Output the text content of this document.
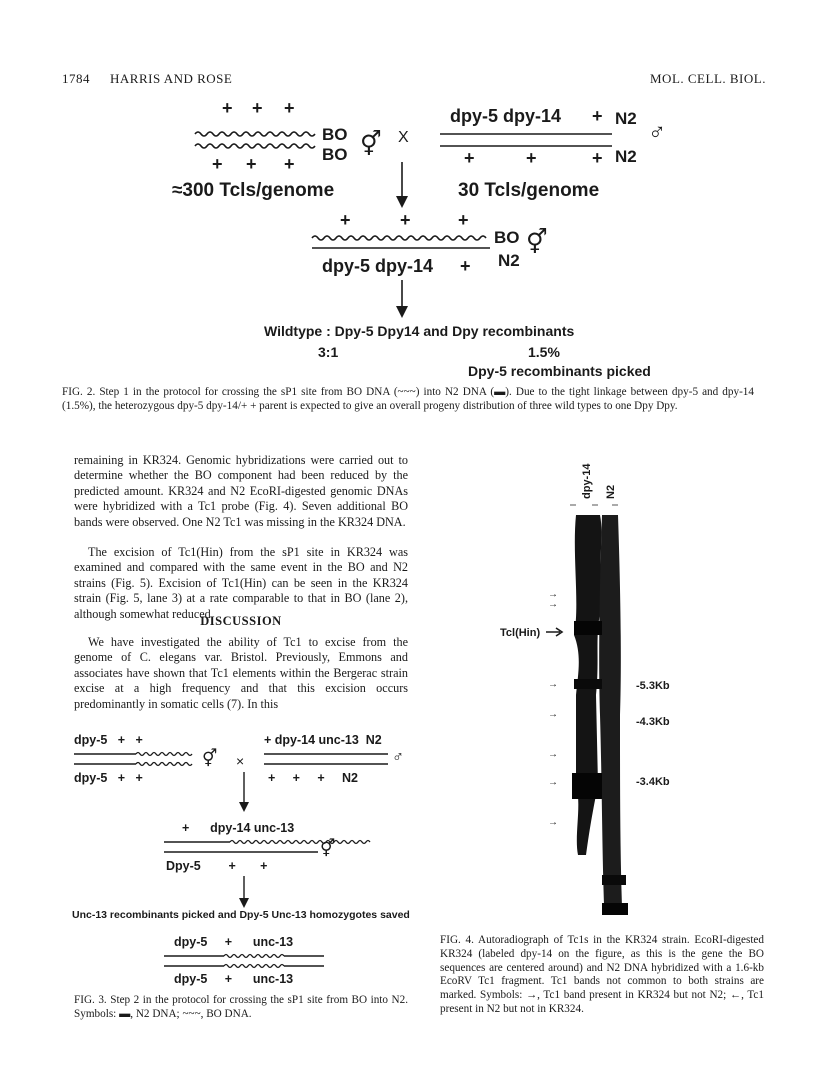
1784 HARRIS AND ROSE	MOL. CELL. BIOL.
+ + +
BO
BO
+ + +
⚥ X
dpy-5 dpy-14 + N2
N2
+	+	+
♂
≈300 Tcls/genome	30 Tcls/genome
+	+	+
BO ⚥
dpy-5 dpy-14 + N2
Wildtype : Dpy-5 Dpy14 and Dpy recombinants
3:1	1.5%
Dpy-5 recombinants picked
FIG. 2. Step 1 in the protocol for crossing the sP1 site from BO DNA (~~~) into N2 DNA (▬). Due to the tight linkage between dpy-5 and dpy-14 (1.5%), the heterozygous dpy-5 dpy-14/+ + parent is expected to give an overall progeny distribution of three wild types to one Dpy Dpy.
remaining in KR324. Genomic hybridizations were carried out to determine whether the BO component had been reduced by the predicted amount. KR324 and N2 EcoRI-digested genomic DNAs were hybridized with a Tc1 probe (Fig. 4). Seven additional BO bands were observed. One N2 Tc1 was missing in the KR324 DNA.
The excision of Tc1(Hin) from the sP1 site in KR324 was examined and compared with the same event in the BO and N2 strains (Fig. 5). Excision of Tc1(Hin) can be seen in the KR324 strain (Fig. 5, lane 3) at a rate comparable to that in BO (lane 2), although somewhat reduced.
DISCUSSION
We have investigated the ability of Tc1 to excise from the genome of C. elegans var. Bristol. Previously, Emmons and associates have shown that Tc1 elements within the Bergerac strain excise at a high frequency and that this excision occurs predominantly in somatic cells (7). In this
dpy-5   +   +
⚥
dpy-5   +   +
×
+ dpy-14 unc-13  N2
♂
+     +     +     N2
+      dpy-14 unc-13
⚥
Dpy-5        +       +
Unc-13 recombinants picked and Dpy-5 Unc-13 homozygotes saved
dpy-5     +      unc-13
dpy-5     +      unc-13
FIG. 3. Step 2 in the protocol for crossing the sP1 site from BO into N2. Symbols: ▬, N2 DNA; ~~~, BO DNA.
dpy-14 N2
→
→
→
→
→
→
→
Tcl(Hin)
-5.3Kb
-4.3Kb
-3.4Kb
FIG. 4. Autoradiograph of Tc1s in the KR324 strain. EcoRI-digested KR324 (labeled dpy-14 on the figure, as this is the gene the BO sequences are centered around) and N2 DNA hybridized with a 1.6-kb EcoRV Tc1 fragment. Tc1 bands not common to both strains are marked. Symbols: →, Tc1 band present in KR324 but not N2; ←, Tc1 present in N2 but not in KR324.
